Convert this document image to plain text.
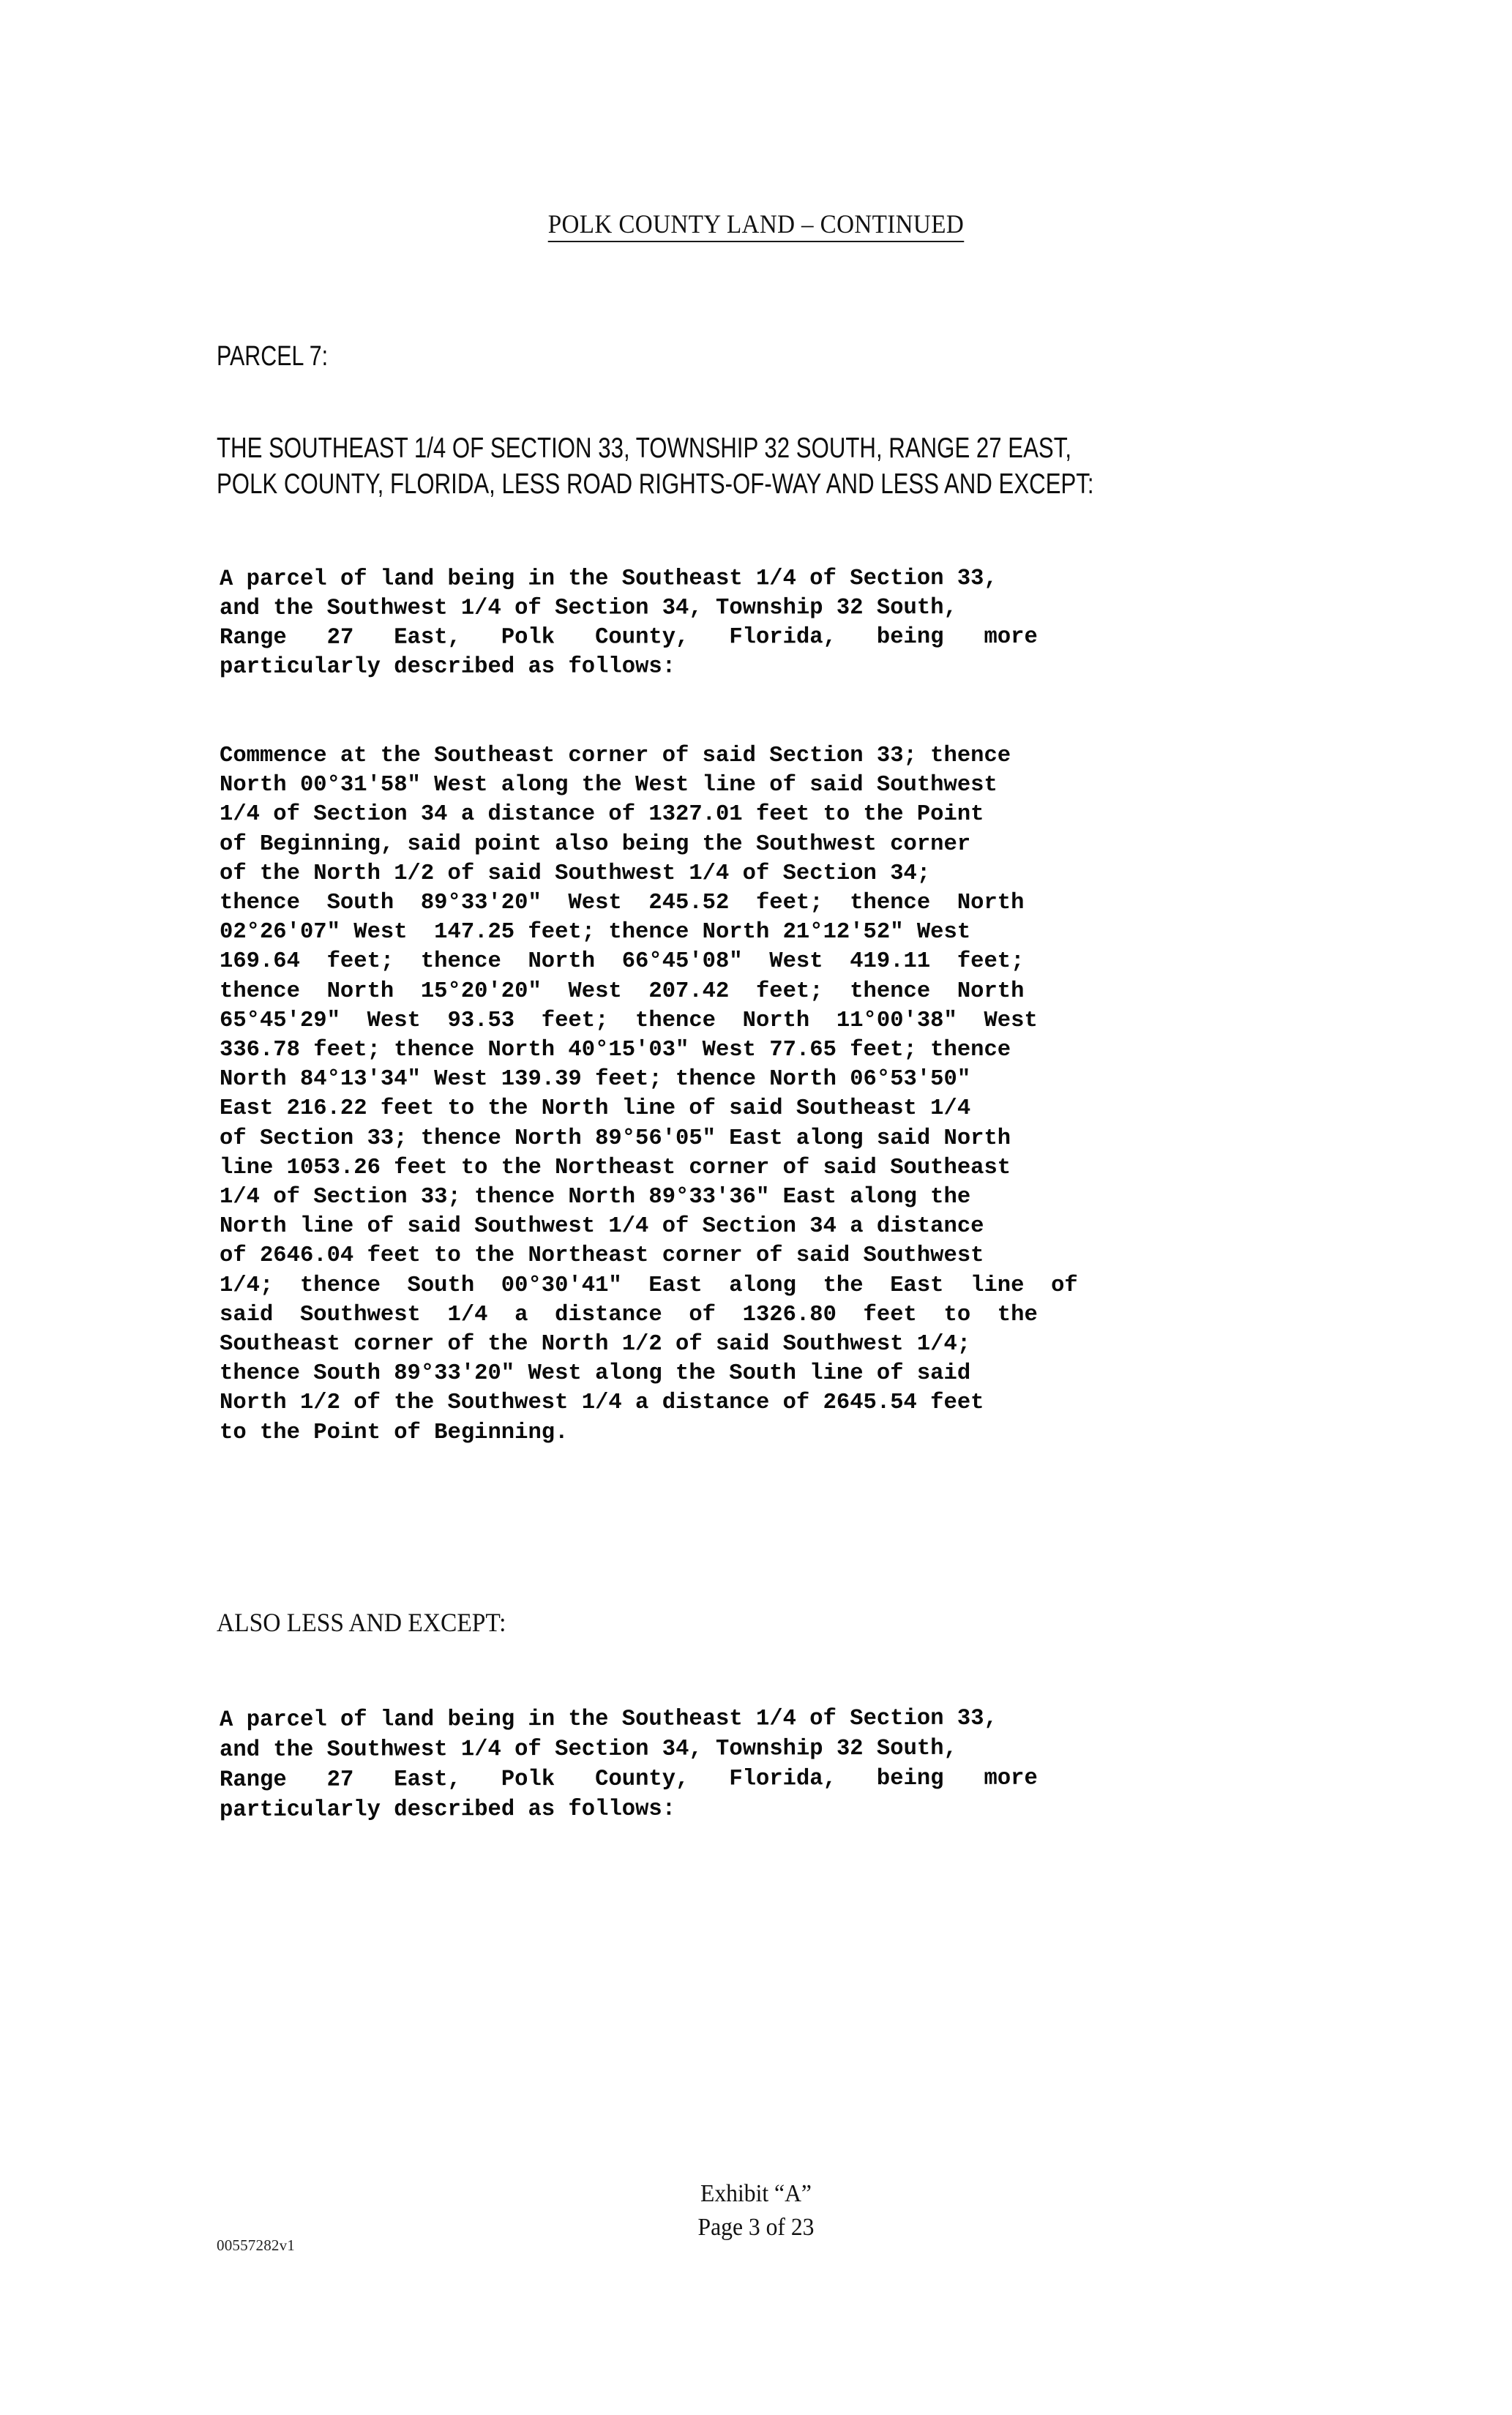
POLK COUNTY LAND – CONTINUED
PARCEL 7:
THE SOUTHEAST 1/4 OF SECTION 33, TOWNSHIP 32 SOUTH, RANGE 27 EAST,
POLK COUNTY, FLORIDA, LESS ROAD RIGHTS-OF-WAY AND LESS AND EXCEPT:
A parcel of land being in the Southeast 1/4 of Section 33,
and the Southwest 1/4 of Section 34, Township 32 South,
Range   27   East,   Polk   County,   Florida,   being   more
particularly described as follows:
Commence at the Southeast corner of said Section 33; thence
North 00°31'58" West along the West line of said Southwest
1/4 of Section 34 a distance of 1327.01 feet to the Point
of Beginning, said point also being the Southwest corner
of the North 1/2 of said Southwest 1/4 of Section 34;
thence  South  89°33'20"  West  245.52  feet;  thence  North
02°26'07" West  147.25 feet; thence North 21°12'52" West
169.64  feet;  thence  North  66°45'08"  West  419.11  feet;
thence  North  15°20'20"  West  207.42  feet;  thence  North
65°45'29"  West  93.53  feet;  thence  North  11°00'38"  West
336.78 feet; thence North 40°15'03" West 77.65 feet; thence
North 84°13'34" West 139.39 feet; thence North 06°53'50"
East 216.22 feet to the North line of said Southeast 1/4
of Section 33; thence North 89°56'05" East along said North
line 1053.26 feet to the Northeast corner of said Southeast
1/4 of Section 33; thence North 89°33'36" East along the
North line of said Southwest 1/4 of Section 34 a distance
of 2646.04 feet to the Northeast corner of said Southwest
1/4;  thence  South  00°30'41"  East  along  the  East  line  of
said  Southwest  1/4  a  distance  of  1326.80  feet  to  the
Southeast corner of the North 1/2 of said Southwest 1/4;
thence South 89°33'20" West along the South line of said
North 1/2 of the Southwest 1/4 a distance of 2645.54 feet
to the Point of Beginning.
ALSO LESS AND EXCEPT:
A parcel of land being in the Southeast 1/4 of Section 33,
and the Southwest 1/4 of Section 34, Township 32 South,
Range   27   East,   Polk   County,   Florida,   being   more
particularly described as follows:
Exhibit “A”
Page 3 of 23
00557282v1
